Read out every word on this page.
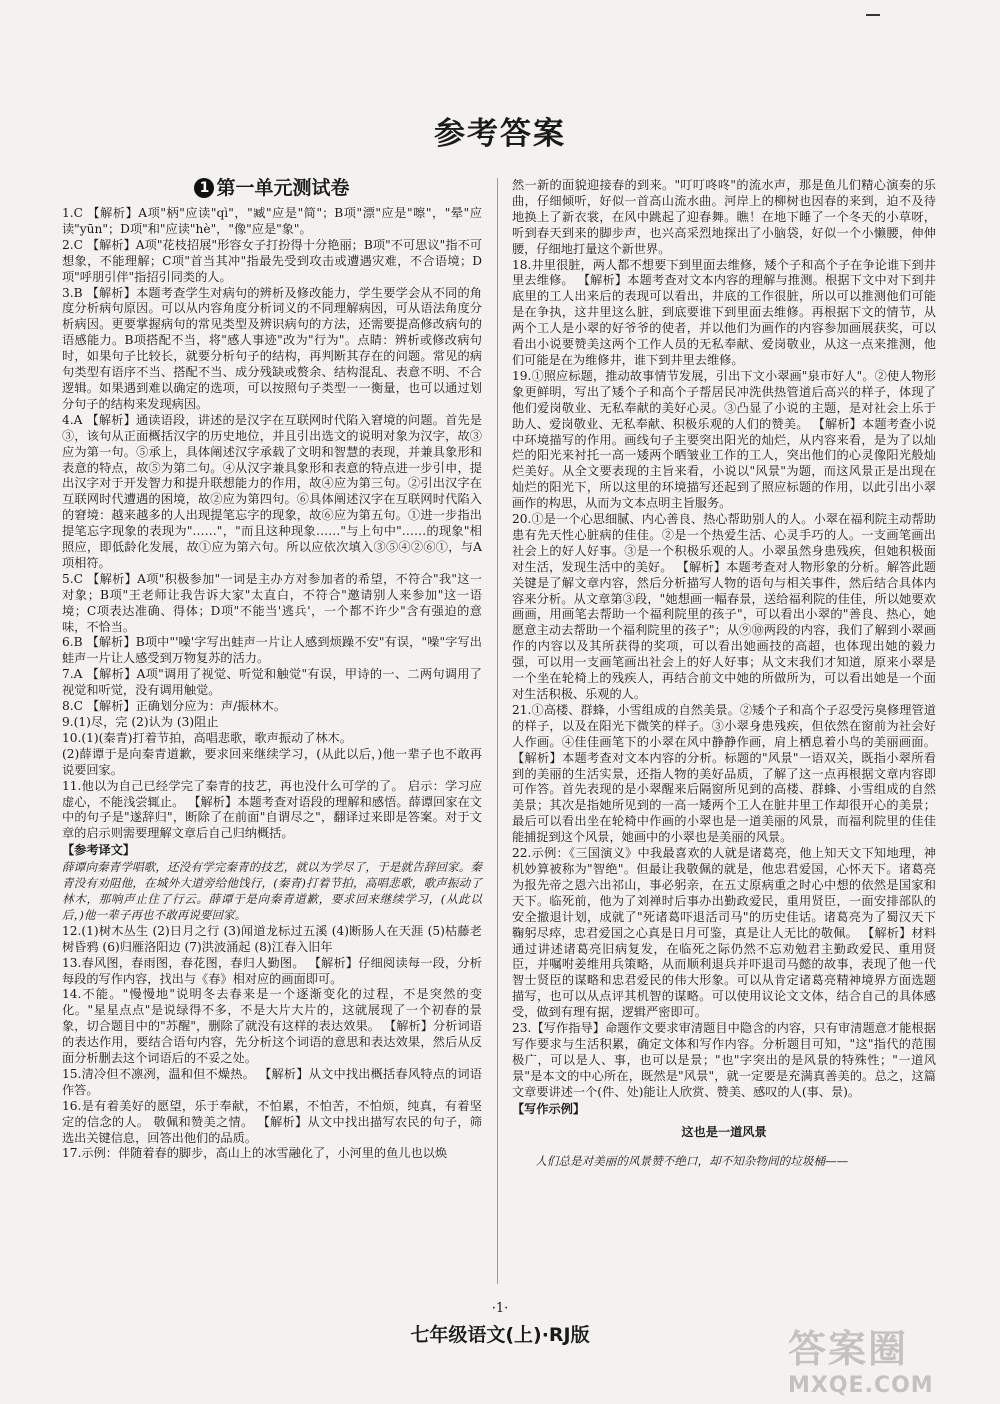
参考答案
1 第一单元测试卷

1.C 【解析】A项"柄"应读"qì"，"臧"应是"简"；B项"漂"应是"嚓"，"晕"应读"yūn"；D项"和"应读"hè"，"像"应是"象"。

2.C 【解析】A项"花枝招展"形容女子打扮得十分艳丽；B项"不可思议"指不可想象，不能理解；C项"首当其冲"指最先受到攻击或遭遇灾难，不合语境；D项"呼朋引伴"指招引同类的人。

3.B 【解析】本题考查学生对病句的辨析及修改能力，学生要学会从不同的角度分析病句原因。可以从内容角度分析词义的不同理解病因，可从语法角度分析病因。更要掌握病句的常见类型及辨识病句的方法，还需要提高修改病句的语感能力。B项搭配不当，将"感人事迹"改为"行为"。点睛：辨析或修改病句时，如果句子比较长，就要分析句子的结构，再判断其存在的问题。常见的病句类型有语序不当、搭配不当、成分残缺或赘余、结构混乱、表意不明、不合逻辑。如果遇到难以确定的选项，可以按照句子类型一一衡量，也可以通过划分句子的结构来发现病因。

4.A 【解析】通读语段，讲述的是汉字在互联网时代陷入窘境的问题。首先是③，该句从正面概括汉字的历史地位，并且引出选文的说明对象为汉字，故③应为第一句。⑤承上，具体阐述汉字承载了文明和智慧的表现，并兼具象形和表意的特点，故⑤为第二句。④从汉字兼具象形和表意的特点进一步引申，提出汉字对于开发智力和提升联想能力的作用，故④应为第三句。②引出汉字在互联网时代遭遇的困境，故②应为第四句。⑥具体阐述汉字在互联网时代陷入的窘境：越来越多的人出现提笔忘字的现象，故⑥应为第五句。①进一步指出提笔忘字现象的表现为"……"，"而且这种现象……"与上句中"……的现象"相照应，即低龄化发展，故①应为第六句。所以应依次填入③⑤④②⑥①，与A项相符。

5.C 【解析】A项"积极参加"一词是主办方对参加者的希望，不符合"我"这一对象；B项"王老师让我告诉大家"太直白，不符合"邀请别人来参加"这一语境；C项表达准确、得体；D项"不能当'逃兵'，一个都不许少"含有强迫的意味，不恰当。

6.B 【解析】B项中"'噪'字写出蛙声一片让人感到烦躁不安"有误，"噪"字写出蛙声一片让人感受到万物复苏的活力。

7.A 【解析】A项"调用了视觉、听觉和触觉"有误，甲诗的一、二两句调用了视觉和听觉，没有调用触觉。

8.C 【解析】正确划分应为：声/振林木。

9.(1)尽，完 (2)认为 (3)阻止

10.(1)(秦青)打着节拍，高唱悲歌，歌声振动了林木。

(2)薛谭于是向秦青道歉，要求回来继续学习，(从此以后，)他一辈子也不敢再说要回家。

11.他以为自己已经学完了秦青的技艺，再也没什么可学的了。 启示：学习应虚心，不能浅尝辄止。 【解析】本题考查对语段的理解和感悟。薛谭回家在文中的句子是"遂辞归"，断除了在前面"自谓尽之"，翻译过来即是答案。对于文章的启示则需要理解文章后自己归纳概括。

【参考译文】

薛谭向秦青学唱歌，还没有学完秦青的技艺，就以为学尽了，于是就告辞回家。秦青没有劝阻他，在城外大道旁给他饯行，(秦青)打着节拍，高唱悲歌，歌声振动了林木，那响声止住了行云。薛谭于是向秦青道歉，要求回来继续学习，(从此以后，)他一辈子再也不敢再说要回家。

12.(1)树木丛生 (2)日月之行 (3)闻道龙标过五溪 (4)断肠人在天涯 (5)枯藤老树昏鸦 (6)归雁洛阳边 (7)洪波涌起 (8)江春入旧年

13.春风图，春雨图，春花图，春归人勤图。 【解析】仔细阅读每一段，分析每段的写作内容，找出与《春》相对应的画面即可。

14.不能。"慢慢地"说明冬去春来是一个逐渐变化的过程，不是突然的变化。"星星点点"是说绿得不多，不是大片大片的，这就展现了一个初春的景象，切合题目中的"苏醒"，删除了就没有这样的表达效果。 【解析】分析词语的表达作用，要结合语句内容，先分析这个词语的意思和表达效果，然后从反面分析删去这个词语后的不妥之处。

15.清冷但不凛冽，温和但不燥热。 【解析】从文中找出概括春风特点的词语作答。

16.是有着美好的愿望，乐于奉献，不怕累，不怕苦，不怕烦，纯真，有着坚定的信念的人。 敬佩和赞美之情。 【解析】从文中找出描写农民的句子，筛选出关键信息，回答出他们的品质。

17.示例：伴随着春的脚步，高山上的冰雪融化了，小河里的鱼儿也以焕

然一新的面貌迎接春的到来。"叮叮咚咚"的流水声，那是鱼儿们精心演奏的乐曲，仔细倾听，好似一首高山流水曲。河岸上的柳树也因春的来到，迫不及待地换上了新衣裳，在风中跳起了迎春舞。瞧！在地下睡了一个冬天的小草呀，听到春天到来的脚步声，也兴高采烈地探出了小脑袋，好似一个小懒腰，伸伸腰，仔细地打量这个新世界。

18.井里很脏，两人都不想要下到里面去维修，矮个子和高个子在争论谁下到井里去维修。 【解析】本题考查对文本内容的理解与推测。根据下文中对下到井底里的工人出来后的表现可以看出，井底的工作很脏，所以可以推测他们可能是在争执，这井里这么脏，到底要谁下到里面去维修。再根据下文的情节，从两个工人是小翠的好爷爷的使者，并以他们为画作的内容参加画展获奖，可以看出小说要赞美这两个工作人员的无私奉献、爱岗敬业，从这一点来推测，他们可能是在为维修井，谁下到井里去维修。

19.①照应标题，推动故事情节发展，引出下文小翠画"泉市好人"。②使人物形象更鲜明，写出了矮个子和高个子帮居民冲洗供热管道后高兴的样子，体现了他们爱岗敬业、无私奉献的美好心灵。③凸显了小说的主题，是对社会上乐于助人、爱岗敬业、无私奉献、积极乐观的人们的赞美。 【解析】本题考查小说中环境描写的作用。画线句子主要突出阳光的灿烂，从内容来看，是为了以灿烂的阳光来衬托一高一矮两个晒皱业工作的工人，突出他们的心灵像阳光般灿烂美好。从全文要表现的主旨来看，小说以"风景"为题，而这风景正是出现在灿烂的阳光下，所以这里的环境描写还起到了照应标题的作用，以此引出小翠画作的构思，从而为文本点明主旨服务。

20.①是一个心思细腻、内心善良、热心帮助别人的人。小翠在福利院主动帮助患有先天性心脏病的佳佳。②是一个热爱生活、心灵手巧的人。一支画笔画出社会上的好人好事。③是一个积极乐观的人。小翠虽然身患残疾，但她积极面对生活，发现生活中的美好。 【解析】本题考查对人物形象的分析。解答此题关键是了解文章内容，然后分析描写人物的语句与相关事件，然后结合具体内容来分析。从文章第③段，"她想画一幅春景，送给福利院的佳佳，所以她要欢画画，用画笔去帮助一个福利院里的孩子"，可以看出小翠的"善良、热心，她愿意主动去帮助一个福利院里的孩子"；从⑨⑩两段的内容，我们了解到小翠画作的内容以及其所获得的奖项，可以看出她画技的高超，也体现出她的毅力强，可以用一支画笔画出社会上的好人好事；从文末我们才知道，原来小翠是一个坐在轮椅上的残疾人，再结合前文中她的所做所为，可以看出她是一个面对生活积极、乐观的人。

21.①高楼、群蜂，小雪组成的自然美景。②矮个子和高个子忍受污臭修理管道的样子，以及在阳光下微笑的样子。③小翠身患残疾，但依然在窗前为社会好人作画。④佳佳画笔下的小翠在风中静静作画，肩上栖息着小鸟的美丽画面。 【解析】本题考查对文本内容的分析。标题的"风景"一语双关，既指小翠所看到的美丽的生活实景，还指人物的美好品质，了解了这一点再根据文章内容即可作答。首先表现的是小翠醒来后隔窗所见到的高楼、群蜂、小雪组成的自然美景；其次是指她所见到的一高一矮两个工人在脏井里工作却很开心的美景；最后可以看出坐在轮椅中作画的小翠也是一道美丽的风景，而福利院里的佳佳能捕捉到这个风景，她画中的小翠也是美丽的风景。

22.示例：《三国演义》中我最喜欢的人就是诸葛亮，他上知天文下知地理，神机妙算被称为"智绝"。但最让我敬佩的就是，他忠君爱国，心怀天下。诸葛亮为报先帝之恩六出祁山，事必躬亲，在五丈原病重之时心中想的依然是国家和天下。临死前，他为了刘禅时后事办出勤政爱民，重用贤臣，一面安排部队的安全撤退计划，成就了"死诸葛吓退活司马"的历史佳话。诸葛亮为了蜀汉天下鞠躬尽瘁，忠君爱国之心真是日月可鉴，真是让人无比的敬佩。 【解析】材料通过讲述诸葛亮旧病复发，在临死之际仍然不忘劝勉君主勤政爱民、重用贤臣，并嘱咐姜维用兵策略，从而顺利退兵并吓退司马懿的故事，表现了他一代智士贤臣的谋略和忠君爱民的伟大形象。可以从肯定诸葛亮精神境界方面选题描写，也可以从点评其机智的谋略。可以使用议论文文体，结合自己的具体感受，做到有理有据，逻辑严密即可。

23.【写作指导】命题作文要求审清题目中隐含的内容，只有审清题意才能根据写作要求与生活积累，确定文体和写作内容。分析题目可知，"这"指代的范围极广，可以是人、事，也可以是景；"也"字突出的是风景的特殊性；"一道风景"是本文的中心所在，既然是"风景"，就一定要是充满真善美的。总之，这篇文章要讲述一个(件、处)能让人欣赏、赞美、感叹的人(事、景)。

【写作示例】

这也是一道风景

人们总是对美丽的风景赞不绝口，却不知杂物间的垃圾桶——

·1·
七年级语文(上)·RJ版	答案圈
MXQE.COM
